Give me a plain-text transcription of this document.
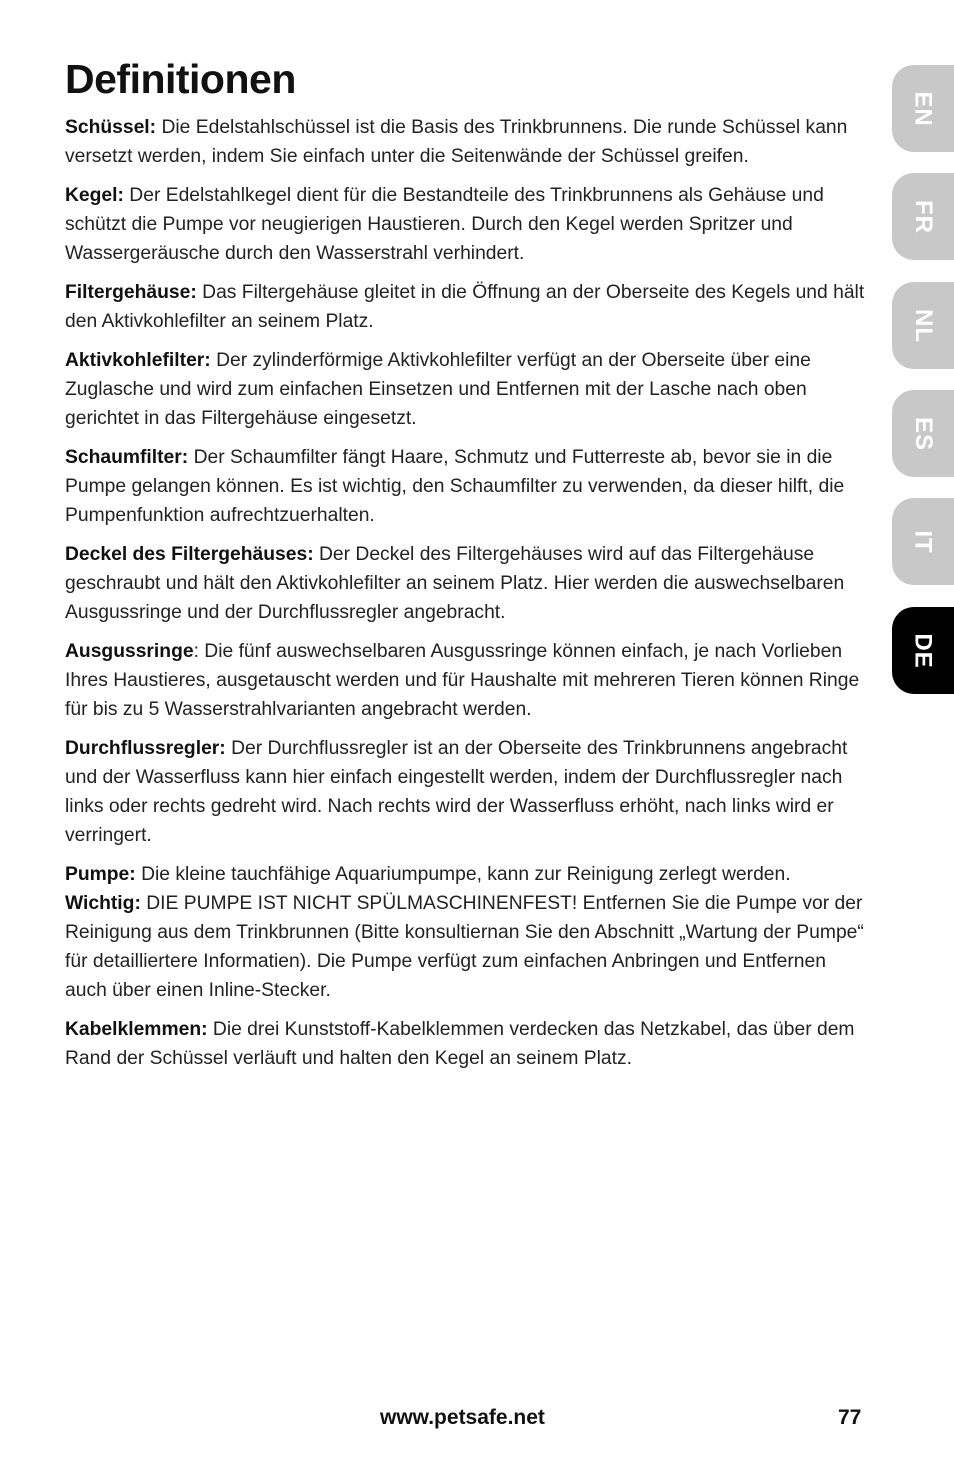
Definitionen

Schüssel: Die Edelstahlschüssel ist die Basis des Trinkbrunnens. Die runde Schüssel kann versetzt werden, indem Sie einfach unter die Seitenwände der Schüssel greifen.

Kegel: Der Edelstahlkegel dient für die Bestandteile des Trinkbrunnens als Gehäuse und schützt die Pumpe vor neugierigen Haustieren. Durch den Kegel werden Spritzer und Wassergeräusche durch den Wasserstrahl verhindert.

Filtergehäuse: Das Filtergehäuse gleitet in die Öffnung an der Oberseite des Kegels und hält den Aktivkohlefilter an seinem Platz.

Aktivkohlefilter: Der zylinderförmige Aktivkohlefilter verfügt an der Oberseite über eine Zuglasche und wird zum einfachen Einsetzen und Entfernen mit der Lasche nach oben gerichtet in das Filtergehäuse eingesetzt.

Schaumfilter: Der Schaumfilter fängt Haare, Schmutz und Futterreste ab, bevor sie in die Pumpe gelangen können. Es ist wichtig, den Schaumfilter zu verwenden, da dieser hilft, die Pumpenfunktion aufrechtzuerhalten.

Deckel des Filtergehäuses: Der Deckel des Filtergehäuses wird auf das Filtergehäuse geschraubt und hält den Aktivkohlefilter an seinem Platz. Hier werden die auswechselbaren Ausgussringe und der Durchflussregler angebracht.

Ausgussringe: Die fünf auswechselbaren Ausgussringe können einfach, je nach Vorlieben Ihres Haustieres, ausgetauscht werden und für Haushalte mit mehreren Tieren können Ringe für bis zu 5 Wasserstrahlvarianten angebracht werden.

Durchflussregler: Der Durchflussregler ist an der Oberseite des Trinkbrunnens angebracht und der Wasserfluss kann hier einfach eingestellt werden, indem der Durchflussregler nach links oder rechts gedreht wird. Nach rechts wird der Wasserfluss erhöht, nach links wird er verringert.

Pumpe: Die kleine tauchfähige Aquariumpumpe, kann zur Reinigung zerlegt werden. Wichtig: DIE PUMPE IST NICHT SPÜLMASCHINENFEST! Entfernen Sie die Pumpe vor der Reinigung aus dem Trinkbrunnen (Bitte konsultiernan Sie den Abschnitt „Wartung der Pumpe“ für detailliertere Informatien). Die Pumpe verfügt zum einfachen Anbringen und Entfernen auch über einen Inline-Stecker.

Kabelklemmen: Die drei Kunststoff-Kabelklemmen verdecken das Netzkabel, das über dem Rand der Schüssel verläuft und halten den Kegel an seinem Platz.

EN
FR
NL
ES
IT
DE
www.petsafe.net	77
